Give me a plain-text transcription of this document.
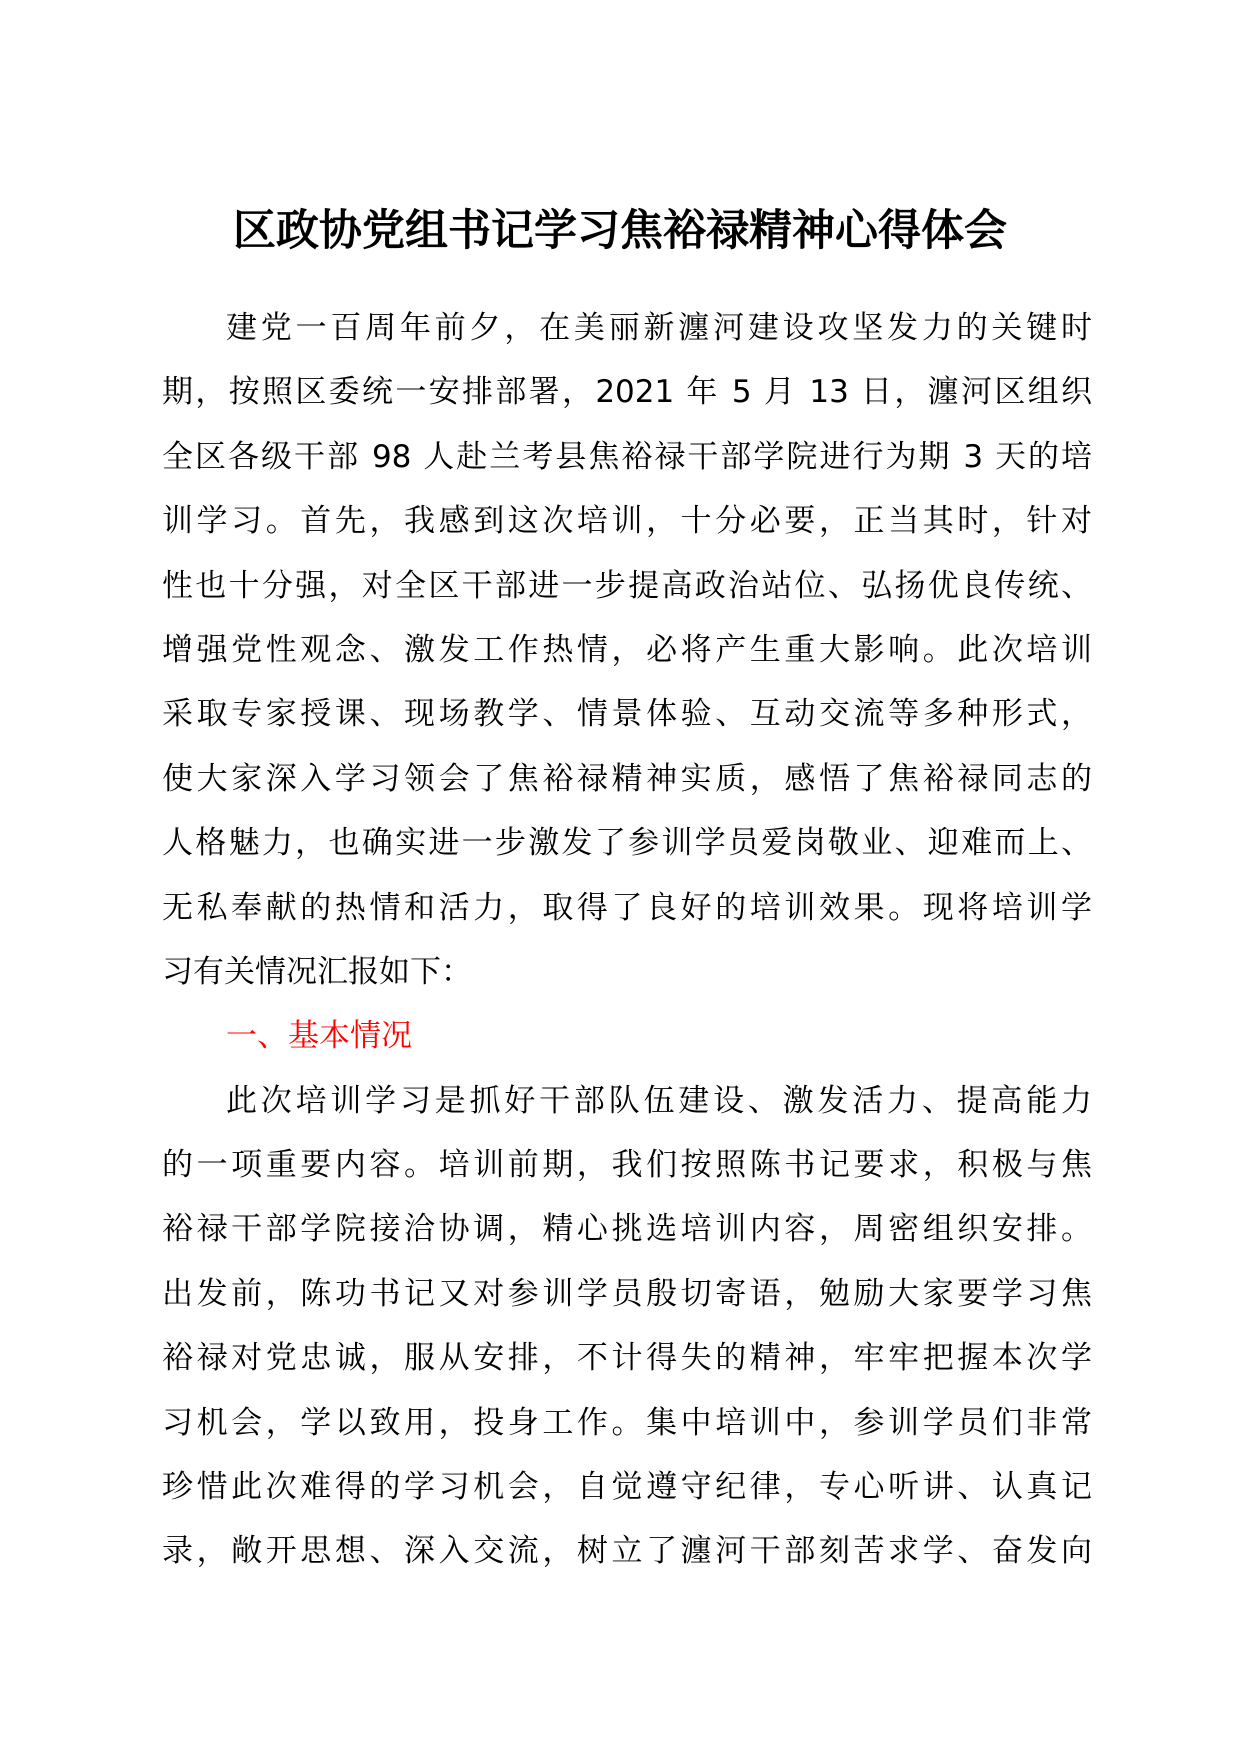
区政协党组书记学习焦裕禄精神心得体会
建党一百周年前夕，在美丽新瀍河建设攻坚发力的关键时
期，按照区委统一安排部署，2021 年 5 月 13 日，瀍河区组织
全区各级干部 98 人赴兰考县焦裕禄干部学院进行为期 3 天的培
训学习。首先，我感到这次培训，十分必要，正当其时，针对
性也十分强，对全区干部进一步提高政治站位、弘扬优良传统、
增强党性观念、激发工作热情，必将产生重大影响。此次培训
采取专家授课、现场教学、情景体验、互动交流等多种形式，
使大家深入学习领会了焦裕禄精神实质，感悟了焦裕禄同志的
人格魅力，也确实进一步激发了参训学员爱岗敬业、迎难而上、
无私奉献的热情和活力，取得了良好的培训效果。现将培训学
习有关情况汇报如下：
一、基本情况
此次培训学习是抓好干部队伍建设、激发活力、提高能力
的一项重要内容。培训前期，我们按照陈书记要求，积极与焦
裕禄干部学院接洽协调，精心挑选培训内容，周密组织安排。
出发前，陈功书记又对参训学员殷切寄语，勉励大家要学习焦
裕禄对党忠诚，服从安排，不计得失的精神，牢牢把握本次学
习机会，学以致用，投身工作。集中培训中，参训学员们非常
珍惜此次难得的学习机会，自觉遵守纪律，专心听讲、认真记
录，敞开思想、深入交流，树立了瀍河干部刻苦求学、奋发向
